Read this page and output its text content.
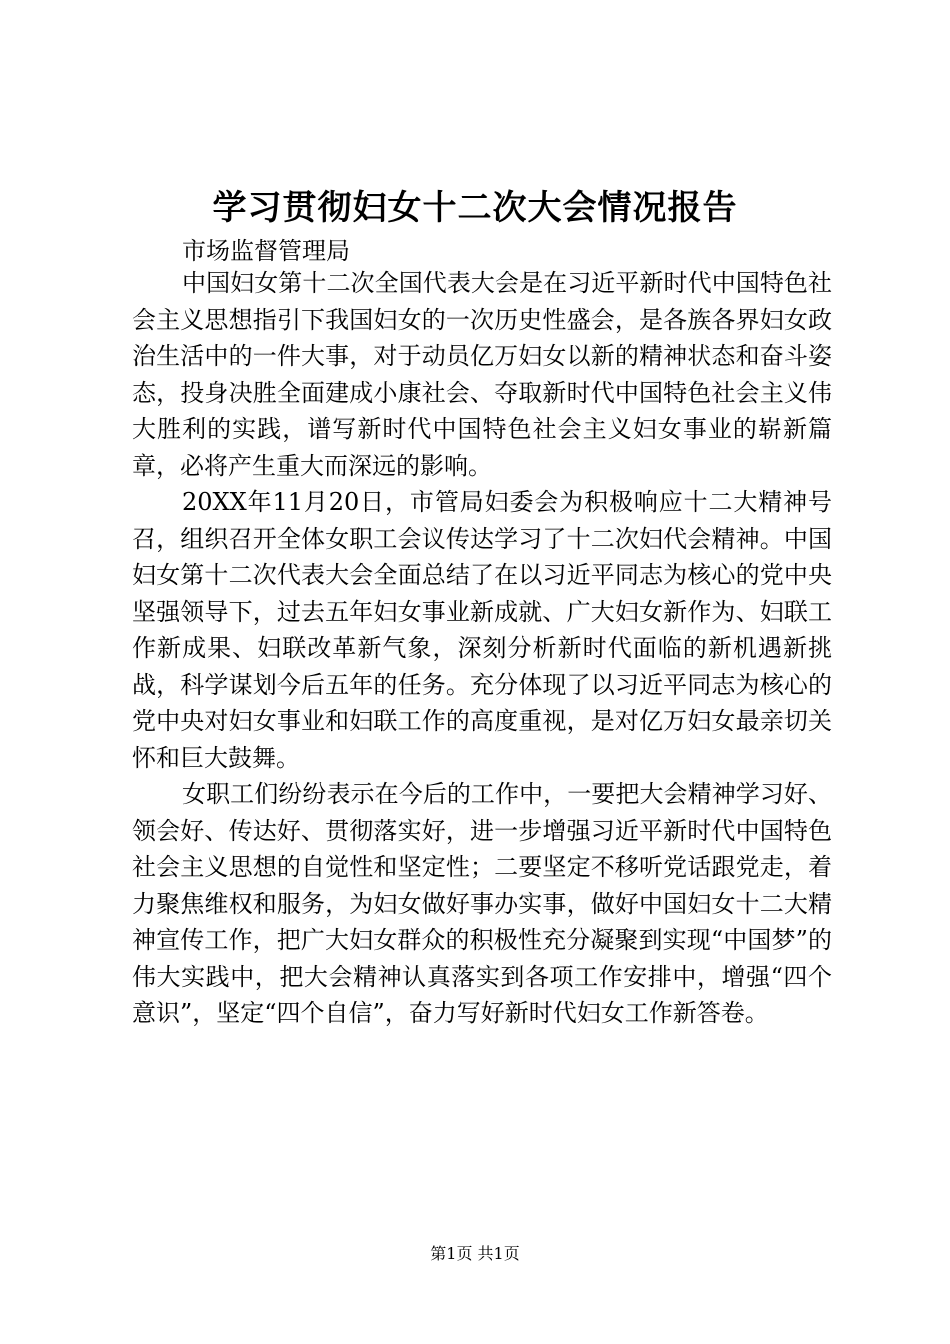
学习贯彻妇女十二次大会情况报告
市场监督管理局

中国妇女第十二次全国代表大会是在习近平新时代中国特色社会主义思想指引下我国妇女的一次历史性盛会，是各族各界妇女政治生活中的一件大事，对于动员亿万妇女以新的精神状态和奋斗姿态，投身决胜全面建成小康社会、夺取新时代中国特色社会主义伟大胜利的实践，谱写新时代中国特色社会主义妇女事业的崭新篇章，必将产生重大而深远的影响。

20XX年11月20日，市管局妇委会为积极响应十二大精神号召，组织召开全体女职工会议传达学习了十二次妇代会精神。中国妇女第十二次代表大会全面总结了在以习近平同志为核心的党中央坚强领导下，过去五年妇女事业新成就、广大妇女新作为、妇联工作新成果、妇联改革新气象，深刻分析新时代面临的新机遇新挑战，科学谋划今后五年的任务。充分体现了以习近平同志为核心的党中央对妇女事业和妇联工作的高度重视，是对亿万妇女最亲切关怀和巨大鼓舞。

女职工们纷纷表示在今后的工作中，一要把大会精神学习好、领会好、传达好、贯彻落实好，进一步增强习近平新时代中国特色社会主义思想的自觉性和坚定性；二要坚定不移听党话跟党走，着力聚焦维权和服务，为妇女做好事办实事，做好中国妇女十二大精神宣传工作，把广大妇女群众的积极性充分凝聚到实现“中国梦”的伟大实践中，把大会精神认真落实到各项工作安排中，增强“四个意识”，坚定“四个自信”，奋力写好新时代妇女工作新答卷。

第1页 共1页
